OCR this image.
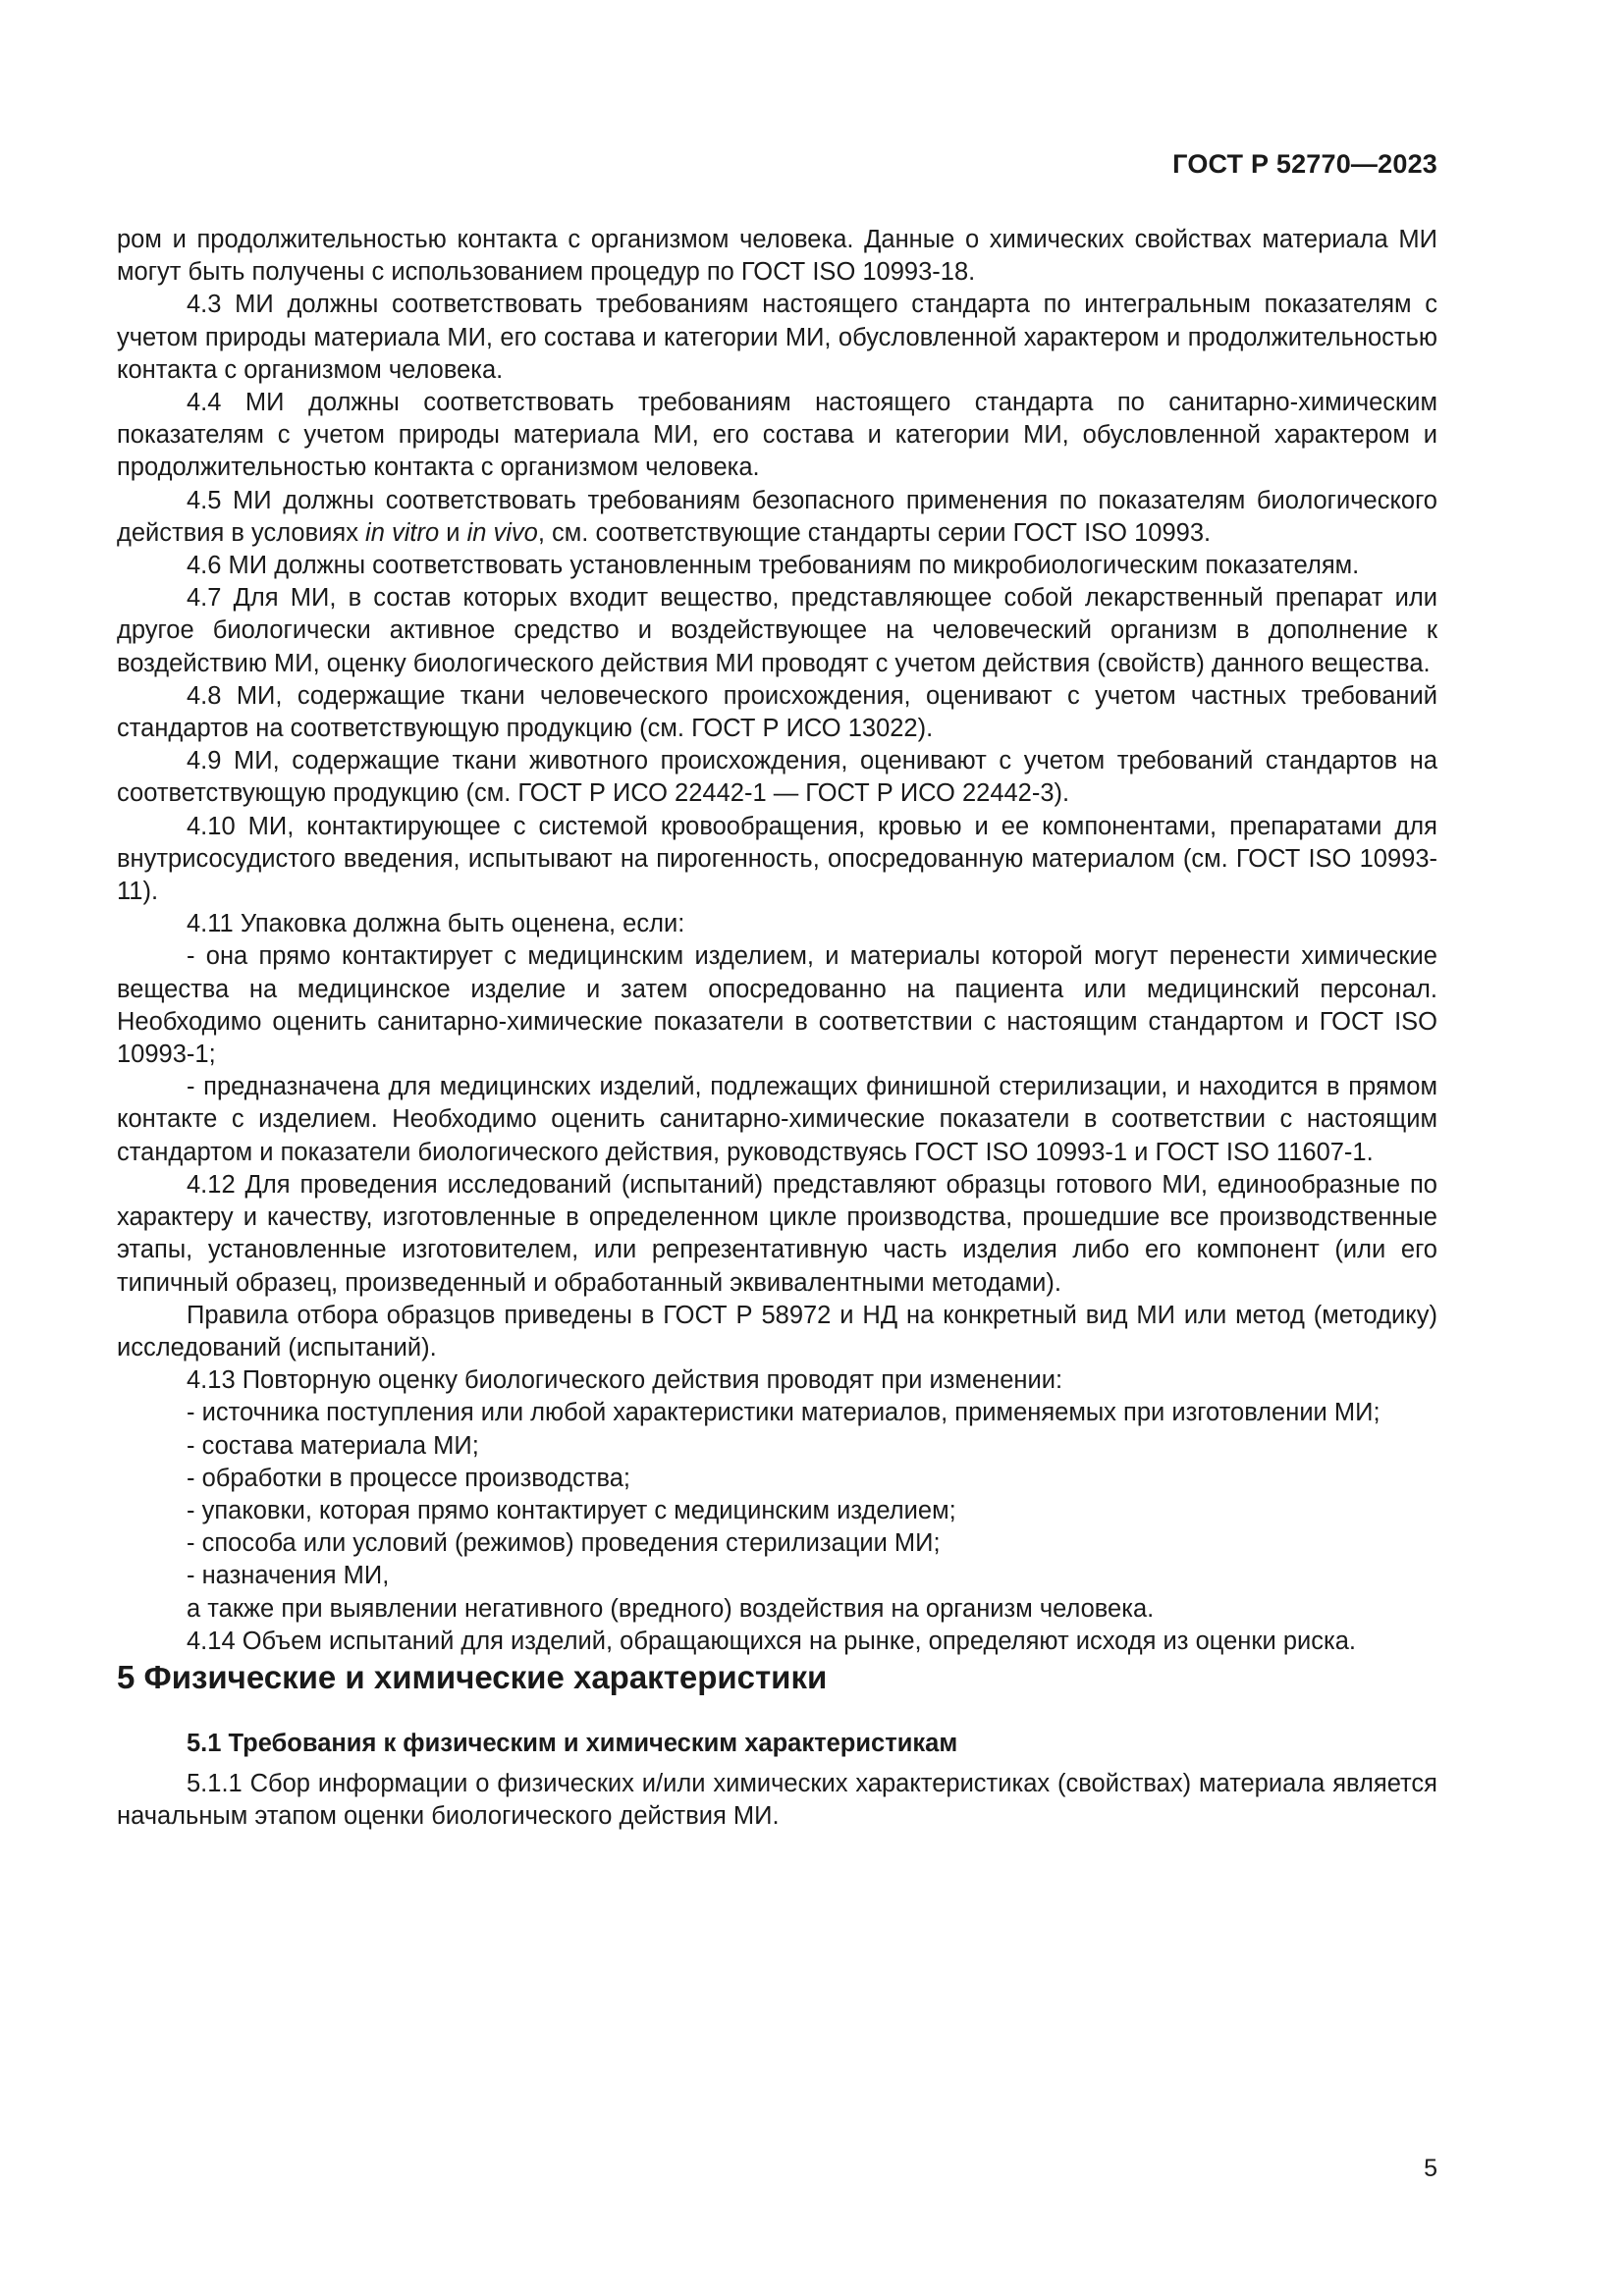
ГОСТ Р 52770—2023

ром и продолжительностью контакта с организмом человека. Данные о химических свойствах материала МИ могут быть получены с использованием процедур по ГОСТ ISO 10993-18.

4.3 МИ должны соответствовать требованиям настоящего стандарта по интегральным показателям с учетом природы материала МИ, его состава и категории МИ, обусловленной характером и продолжительностью контакта с организмом человека.

4.4 МИ должны соответствовать требованиям настоящего стандарта по санитарно-химическим показателям с учетом природы материала МИ, его состава и категории МИ, обусловленной характером и продолжительностью контакта с организмом человека.

4.5 МИ должны соответствовать требованиям безопасного применения по показателям биологического действия в условиях in vitro и in vivo, см. соответствующие стандарты серии ГОСТ ISO 10993.

4.6 МИ должны соответствовать установленным требованиям по микробиологическим показателям.

4.7 Для МИ, в состав которых входит вещество, представляющее собой лекарственный препарат или другое биологически активное средство и воздействующее на человеческий организм в дополнение к воздействию МИ, оценку биологического действия МИ проводят с учетом действия (свойств) данного вещества.

4.8 МИ, содержащие ткани человеческого происхождения, оценивают с учетом частных требований стандартов на соответствующую продукцию (см. ГОСТ Р ИСО 13022).

4.9 МИ, содержащие ткани животного происхождения, оценивают с учетом требований стандартов на соответствующую продукцию (см. ГОСТ Р ИСО 22442-1 — ГОСТ Р ИСО 22442-3).

4.10 МИ, контактирующее с системой кровообращения, кровью и ее компонентами, препаратами для внутрисосудистого введения, испытывают на пирогенность, опосредованную материалом (см. ГОСТ ISO 10993-11).

4.11 Упаковка должна быть оценена, если:

- она прямо контактирует с медицинским изделием, и материалы которой могут перенести химические вещества на медицинское изделие и затем опосредованно на пациента или медицинский персонал. Необходимо оценить санитарно-химические показатели в соответствии с настоящим стандартом и ГОСТ ISO 10993-1;

- предназначена для медицинских изделий, подлежащих финишной стерилизации, и находится в прямом контакте с изделием. Необходимо оценить санитарно-химические показатели в соответствии с настоящим стандартом и показатели биологического действия, руководствуясь ГОСТ ISO 10993-1 и ГОСТ ISO 11607-1.

4.12 Для проведения исследований (испытаний) представляют образцы готового МИ, единообразные по характеру и качеству, изготовленные в определенном цикле производства, прошедшие все производственные этапы, установленные изготовителем, или репрезентативную часть изделия либо его компонент (или его типичный образец, произведенный и обработанный эквивалентными методами).

Правила отбора образцов приведены в ГОСТ Р 58972 и НД на конкретный вид МИ или метод (методику) исследований (испытаний).

4.13 Повторную оценку биологического действия проводят при изменении:

- источника поступления или любой характеристики материалов, применяемых при изготовлении МИ;

- состава материала МИ;

- обработки в процессе производства;

- упаковки, которая прямо контактирует с медицинским изделием;

- способа или условий (режимов) проведения стерилизации МИ;

- назначения МИ,

а также при выявлении негативного (вредного) воздействия на организм человека.

4.14 Объем испытаний для изделий, обращающихся на рынке, определяют исходя из оценки риска.

5 Физические и химические характеристики

5.1 Требования к физическим и химическим характеристикам

5.1.1 Сбор информации о физических и/или химических характеристиках (свойствах) материала является начальным этапом оценки биологического действия МИ.

5
